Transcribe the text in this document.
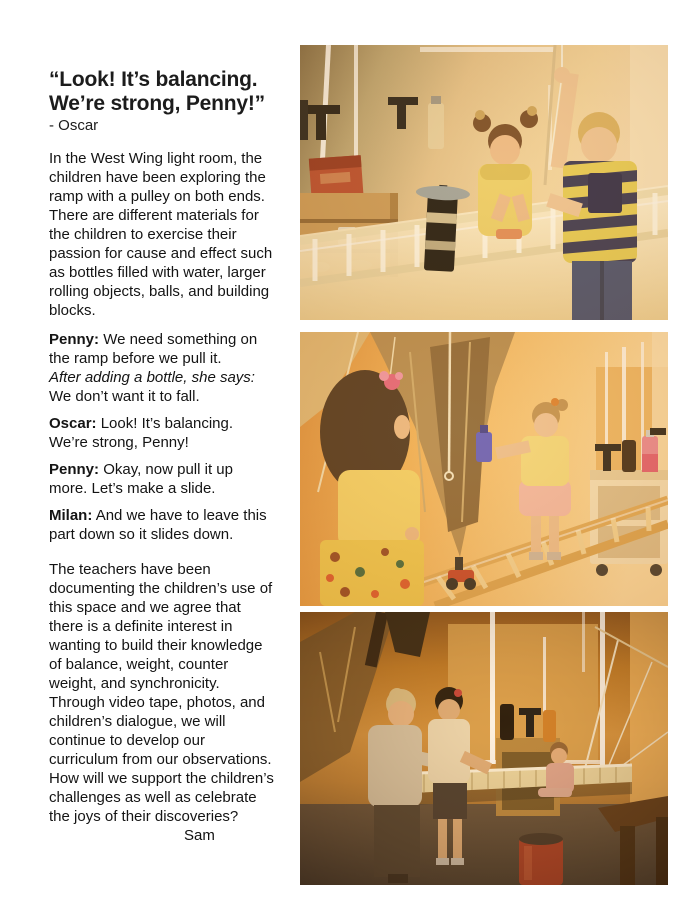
“Look! It’s balancing.
We’re strong, Penny!”
- Oscar

In the West Wing light room, the children have been exploring the ramp with a pulley on both ends. There are different materials for the children to exercise their passion for cause and effect such as bottles filled with water, larger rolling objects, balls, and building blocks.

Penny: We need something on the ramp before we pull it.
After adding a bottle, she says:
We don’t want it to fall.

Oscar: Look! It’s balancing. We’re strong, Penny!

Penny: Okay, now pull it up more. Let’s make a slide.

Milan: And we have to leave this part down so it slides down.

The teachers have been documenting the children’s use of this space and we agree that there is a definite interest in wanting to build their knowledge of balance, weight, counter weight, and synchronicity. Through video tape, photos, and children’s dialogue, we will continue to develop our curriculum from our observations.  How will we support the children’s challenges as well as celebrate the joys of their discoveries?

Sam
